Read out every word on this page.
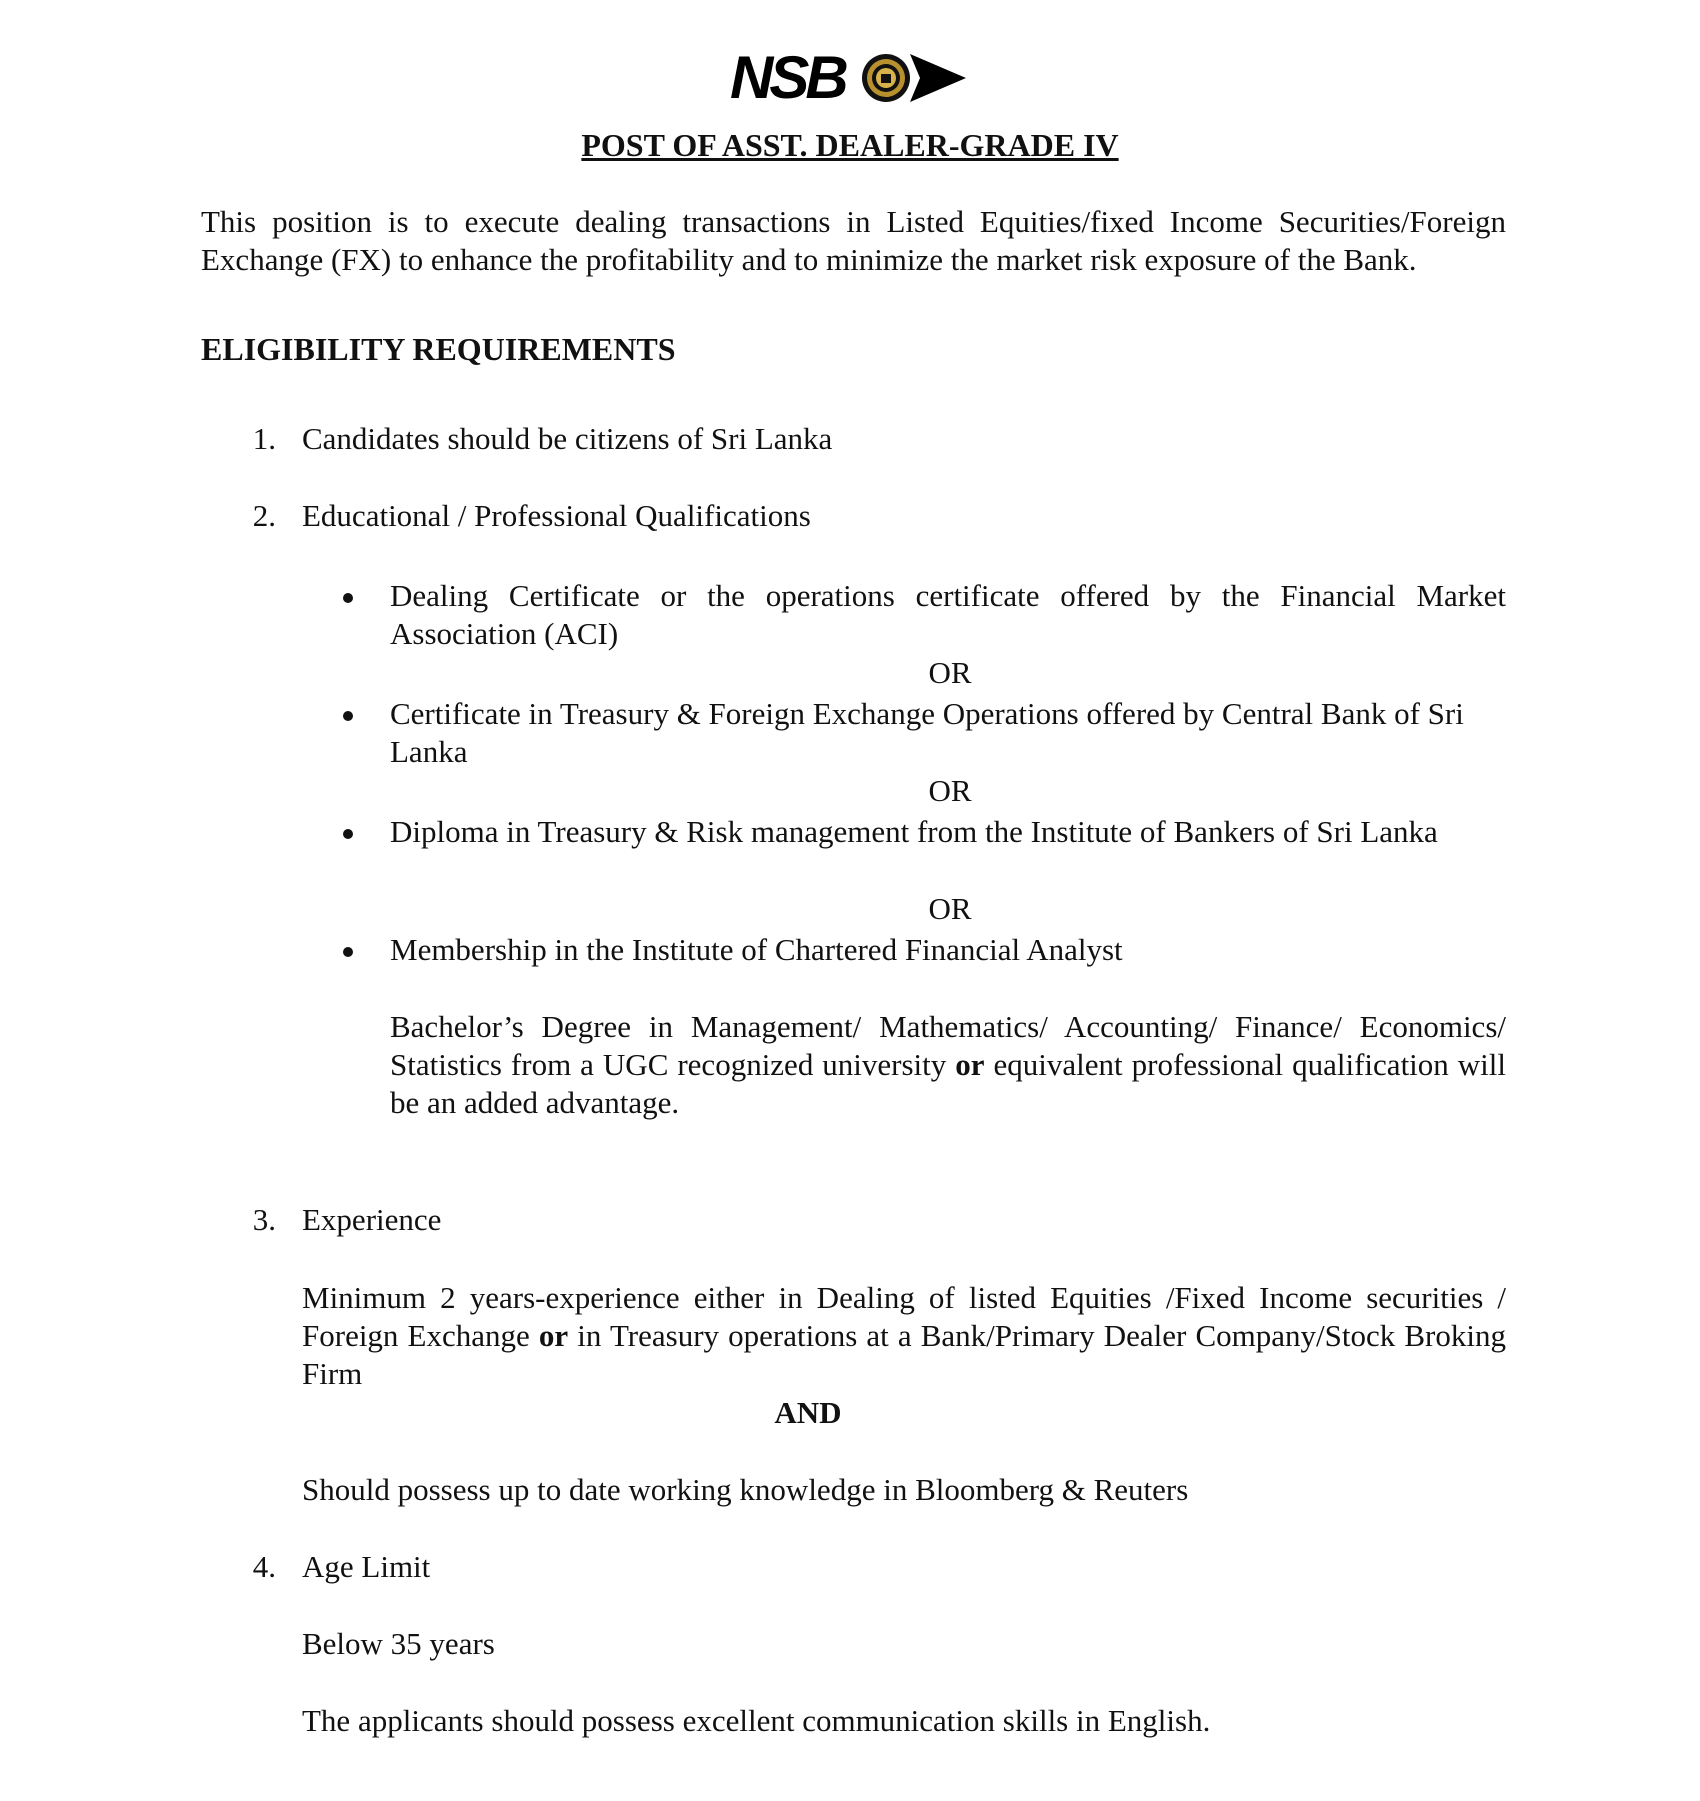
NSB
POST OF ASST. DEALER-GRADE IV
This position is to execute dealing transactions in Listed Equities/fixed Income Securities/Foreign Exchange (FX) to enhance the profitability and to minimize the market risk exposure of the Bank.
ELIGIBILITY REQUIREMENTS
1. Candidates should be citizens of Sri Lanka
2. Educational / Professional Qualifications
Dealing Certificate or the operations certificate offered by the Financial Market Association (ACI)
OR
Certificate in Treasury & Foreign Exchange Operations offered by Central Bank of Sri Lanka
OR
Diploma in Treasury & Risk management from the Institute of Bankers of Sri Lanka
OR
Membership in the Institute of Chartered Financial Analyst
Bachelor’s Degree in Management/ Mathematics/ Accounting/ Finance/ Economics/ Statistics from a UGC recognized university or equivalent professional qualification will be an added advantage.
3. Experience
Minimum 2 years-experience either in Dealing of listed Equities /Fixed Income securities / Foreign Exchange or in Treasury operations at a Bank/Primary Dealer Company/Stock Broking Firm
AND
Should possess up to date working knowledge in Bloomberg & Reuters
4. Age Limit
Below 35 years
The applicants should possess excellent communication skills in English.
